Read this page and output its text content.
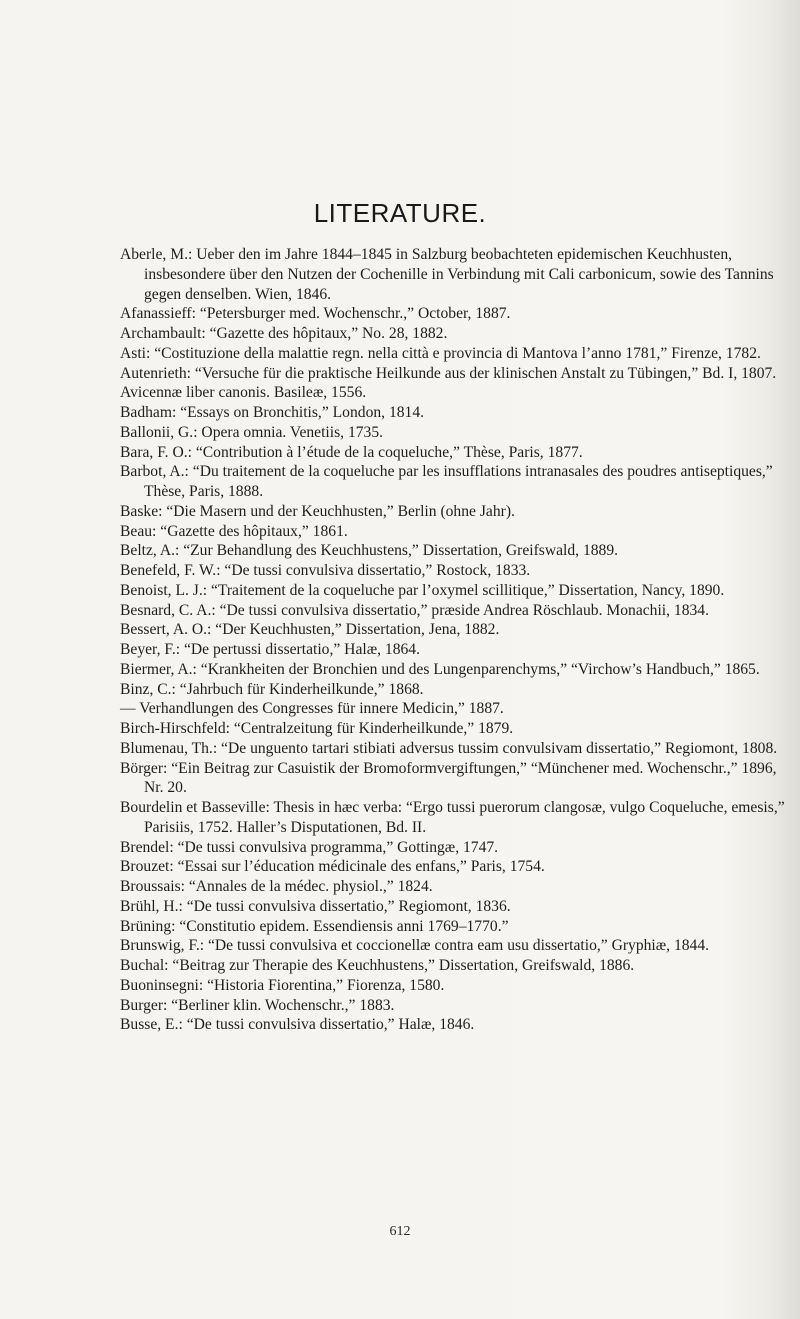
LITERATURE.
Aberle, M.: Ueber den im Jahre 1844–1845 in Salzburg beobachteten epidemischen Keuchhusten, insbesondere über den Nutzen der Cochenille in Verbindung mit Cali carbonicum, sowie des Tannins gegen denselben. Wien, 1846.
Afanassieff: “Petersburger med. Wochenschr.,” October, 1887.
Archambault: “Gazette des hôpitaux,” No. 28, 1882.
Asti: “Costituzione della malattie regn. nella città e provincia di Mantova l’anno 1781,” Firenze, 1782.
Autenrieth: “Versuche für die praktische Heilkunde aus der klinischen Anstalt zu Tübingen,” Bd. I, 1807.
Avicennæ liber canonis. Basileæ, 1556.
Badham: “Essays on Bronchitis,” London, 1814.
Ballonii, G.: Opera omnia. Venetiis, 1735.
Bara, F. O.: “Contribution à l’étude de la coqueluche,” Thèse, Paris, 1877.
Barbot, A.: “Du traitement de la coqueluche par les insufflations intranasales des poudres antiseptiques,” Thèse, Paris, 1888.
Baske: “Die Masern und der Keuchhusten,” Berlin (ohne Jahr).
Beau: “Gazette des hôpitaux,” 1861.
Beltz, A.: “Zur Behandlung des Keuchhustens,” Dissertation, Greifswald, 1889.
Benefeld, F. W.: “De tussi convulsiva dissertatio,” Rostock, 1833.
Benoist, L. J.: “Traitement de la coqueluche par l’oxymel scillitique,” Dissertation, Nancy, 1890.
Besnard, C. A.: “De tussi convulsiva dissertatio,” præside Andrea Röschlaub. Monachii, 1834.
Bessert, A. O.: “Der Keuchhusten,” Dissertation, Jena, 1882.
Beyer, F.: “De pertussi dissertatio,” Halæ, 1864.
Biermer, A.: “Krankheiten der Bronchien und des Lungenparenchyms,” “Virchow’s Handbuch,” 1865.
Binz, C.: “Jahrbuch für Kinderheilkunde,” 1868.
— Verhandlungen des Congresses für innere Medicin,” 1887.
Birch-Hirschfeld: “Centralzeitung für Kinderheilkunde,” 1879.
Blumenau, Th.: “De unguento tartari stibiati adversus tussim convulsivam dissertatio,” Regiomont, 1808.
Börger: “Ein Beitrag zur Casuistik der Bromoformvergiftungen,” “Münchener med. Wochenschr.,” 1896, Nr. 20.
Bourdelin et Basseville: Thesis in hæc verba: “Ergo tussi puerorum clangosæ, vulgo Coqueluche, emesis,” Parisiis, 1752. Haller’s Disputationen, Bd. II.
Brendel: “De tussi convulsiva programma,” Gottingæ, 1747.
Brouzet: “Essai sur l’éducation médicinale des enfans,” Paris, 1754.
Broussais: “Annales de la médec. physiol.,” 1824.
Brühl, H.: “De tussi convulsiva dissertatio,” Regiomont, 1836.
Brüning: “Constitutio epidem. Essendiensis anni 1769–1770.”
Brunswig, F.: “De tussi convulsiva et coccionellæ contra eam usu dissertatio,” Gryphiæ, 1844.
Buchal: “Beitrag zur Therapie des Keuchhustens,” Dissertation, Greifswald, 1886.
Buoninsegni: “Historia Fiorentina,” Fiorenza, 1580.
Burger: “Berliner klin. Wochenschr.,” 1883.
Busse, E.: “De tussi convulsiva dissertatio,” Halæ, 1846.
612
